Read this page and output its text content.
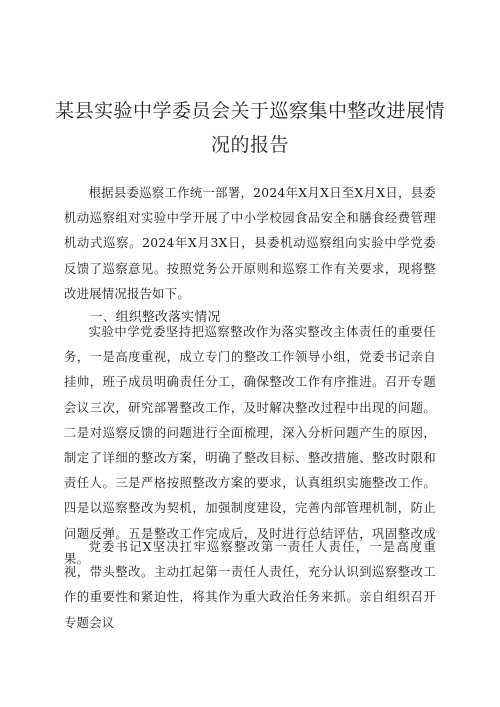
某县实验中学委员会关于巡察集中整改进展情
况的报告
根据县委巡察工作统一部署，2024年X月X日至X月X日，县委机动巡察组对实验中学开展了中小学校园食品安全和膳食经费管理机动式巡察。2024年X月3X日，县委机动巡察组向实验中学党委反馈了巡察意见。按照党务公开原则和巡察工作有关要求，现将整改进展情况报告如下。
一、组织整改落实情况
实验中学党委坚持把巡察整改作为落实整改主体责任的重要任务，一是高度重视，成立专门的整改工作领导小组，党委书记亲自挂帅，班子成员明确责任分工，确保整改工作有序推进。召开专题会议三次，研究部署整改工作，及时解决整改过程中出现的问题。二是对巡察反馈的问题进行全面梳理，深入分析问题产生的原因，制定了详细的整改方案，明确了整改目标、整改措施、整改时限和责任人。三是严格按照整改方案的要求，认真组织实施整改工作。四是以巡察整改为契机，加强制度建设，完善内部管理机制，防止问题反弹。五是整改工作完成后，及时进行总结评估，巩固整改成果。
党委书记X坚决扛牢巡察整改第一责任人责任，一是高度重视，带头整改。主动扛起第一责任人责任，充分认识到巡察整改工作的重要性和紧迫性，将其作为重大政治任务来抓。亲自组织召开专题会议
